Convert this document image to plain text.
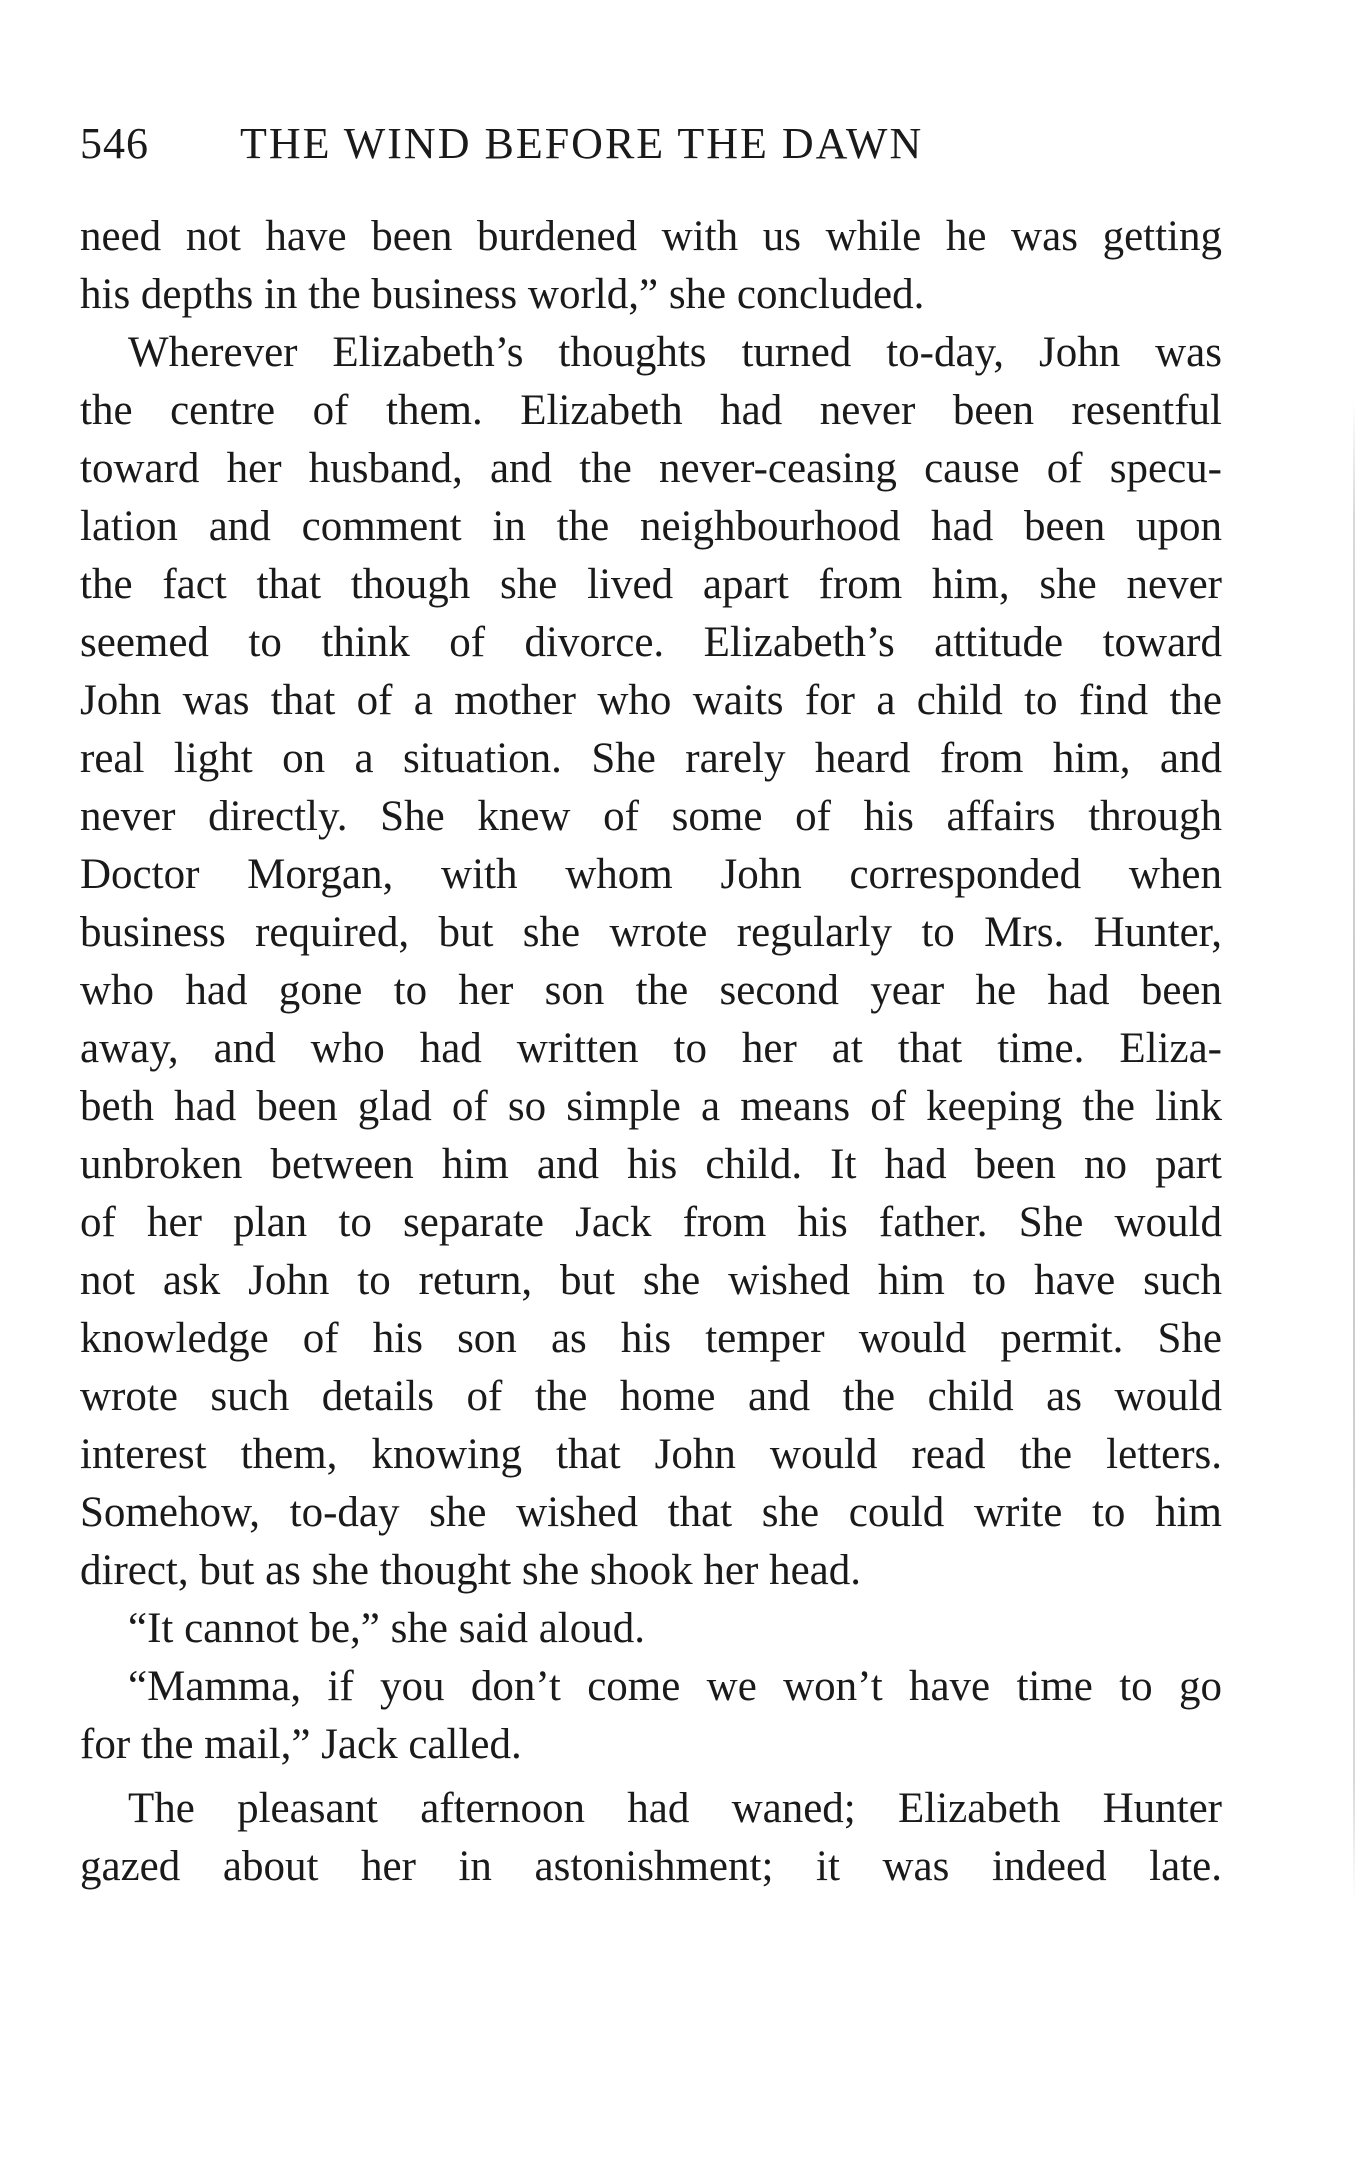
546 THE WIND BEFORE THE DAWN
need not have been burdened with us while he was getting
his depths in the business world,” she concluded.
Wherever Elizabeth’s thoughts turned to-day, John was
the centre of them. Elizabeth had never been resentful
toward her husband, and the never-ceasing cause of specu-
lation and comment in the neighbourhood had been upon
the fact that though she lived apart from him, she never
seemed to think of divorce. Elizabeth’s attitude toward
John was that of a mother who waits for a child to find the
real light on a situation. She rarely heard from him, and
never directly. She knew of some of his affairs through
Doctor Morgan, with whom John corresponded when
business required, but she wrote regularly to Mrs. Hunter,
who had gone to her son the second year he had been
away, and who had written to her at that time. Eliza-
beth had been glad of so simple a means of keeping the link
unbroken between him and his child. It had been no part
of her plan to separate Jack from his father. She would
not ask John to return, but she wished him to have such
knowledge of his son as his temper would permit. She
wrote such details of the home and the child as would
interest them, knowing that John would read the letters.
Somehow, to-day she wished that she could write to him
direct, but as she thought she shook her head.
“It cannot be,” she said aloud.
“Mamma, if you don’t come we won’t have time to go
for the mail,” Jack called.
The pleasant afternoon had waned; Elizabeth Hunter
gazed about her in astonishment; it was indeed late.
